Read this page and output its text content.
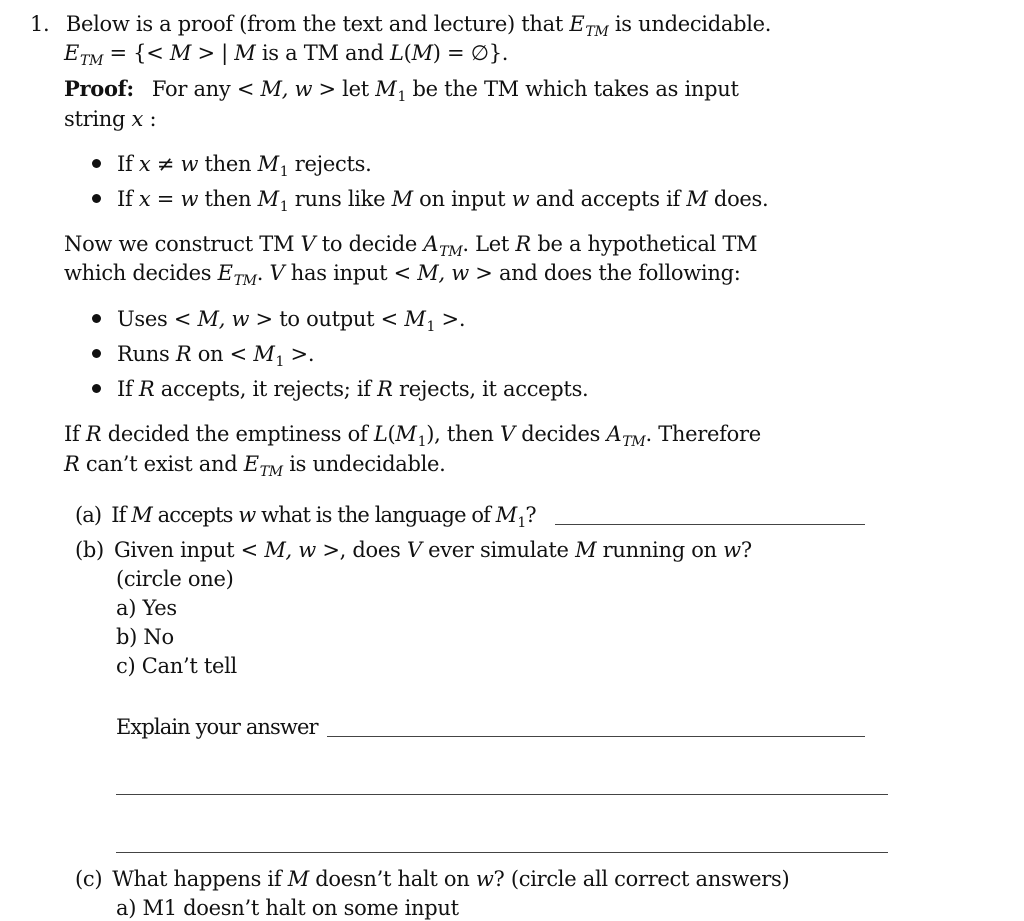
1. Below is a proof (from the text and lecture) that $E_{TM}$ is undecidable.
$E_{TM}$ = {< M > | M is a TM and L(M) = ∅}.
Proof: For any < M, w > let $M_1$ be the TM which takes as input
string x :
If x ≠ w then $M_1$ rejects.
If x = w then $M_1$ runs like M on input w and accepts if M does.
Now we construct TM V to decide $A_{TM}$. Let R be a hypothetical TM
which decides $E_{TM}$. V has input < M, w > and does the following:
Uses < M, w > to output < $M_1$ >.
Runs R on < $M_1$ >.
If R accepts, it rejects; if R rejects, it accepts.
If R decided the emptiness of $L(M_1)$, then V decides $A_{TM}$. Therefore
R can’t exist and $E_{TM}$ is undecidable.
(a) If M accepts w what is the language of $M_1$?
(b) Given input < M, w >, does V ever simulate M running on w?
(circle one)
a) Yes
b) No
c) Can’t tell
Explain your answer
(c) What happens if M doesn’t halt on w? (circle all correct answers)
a) M1 doesn’t halt on some input
